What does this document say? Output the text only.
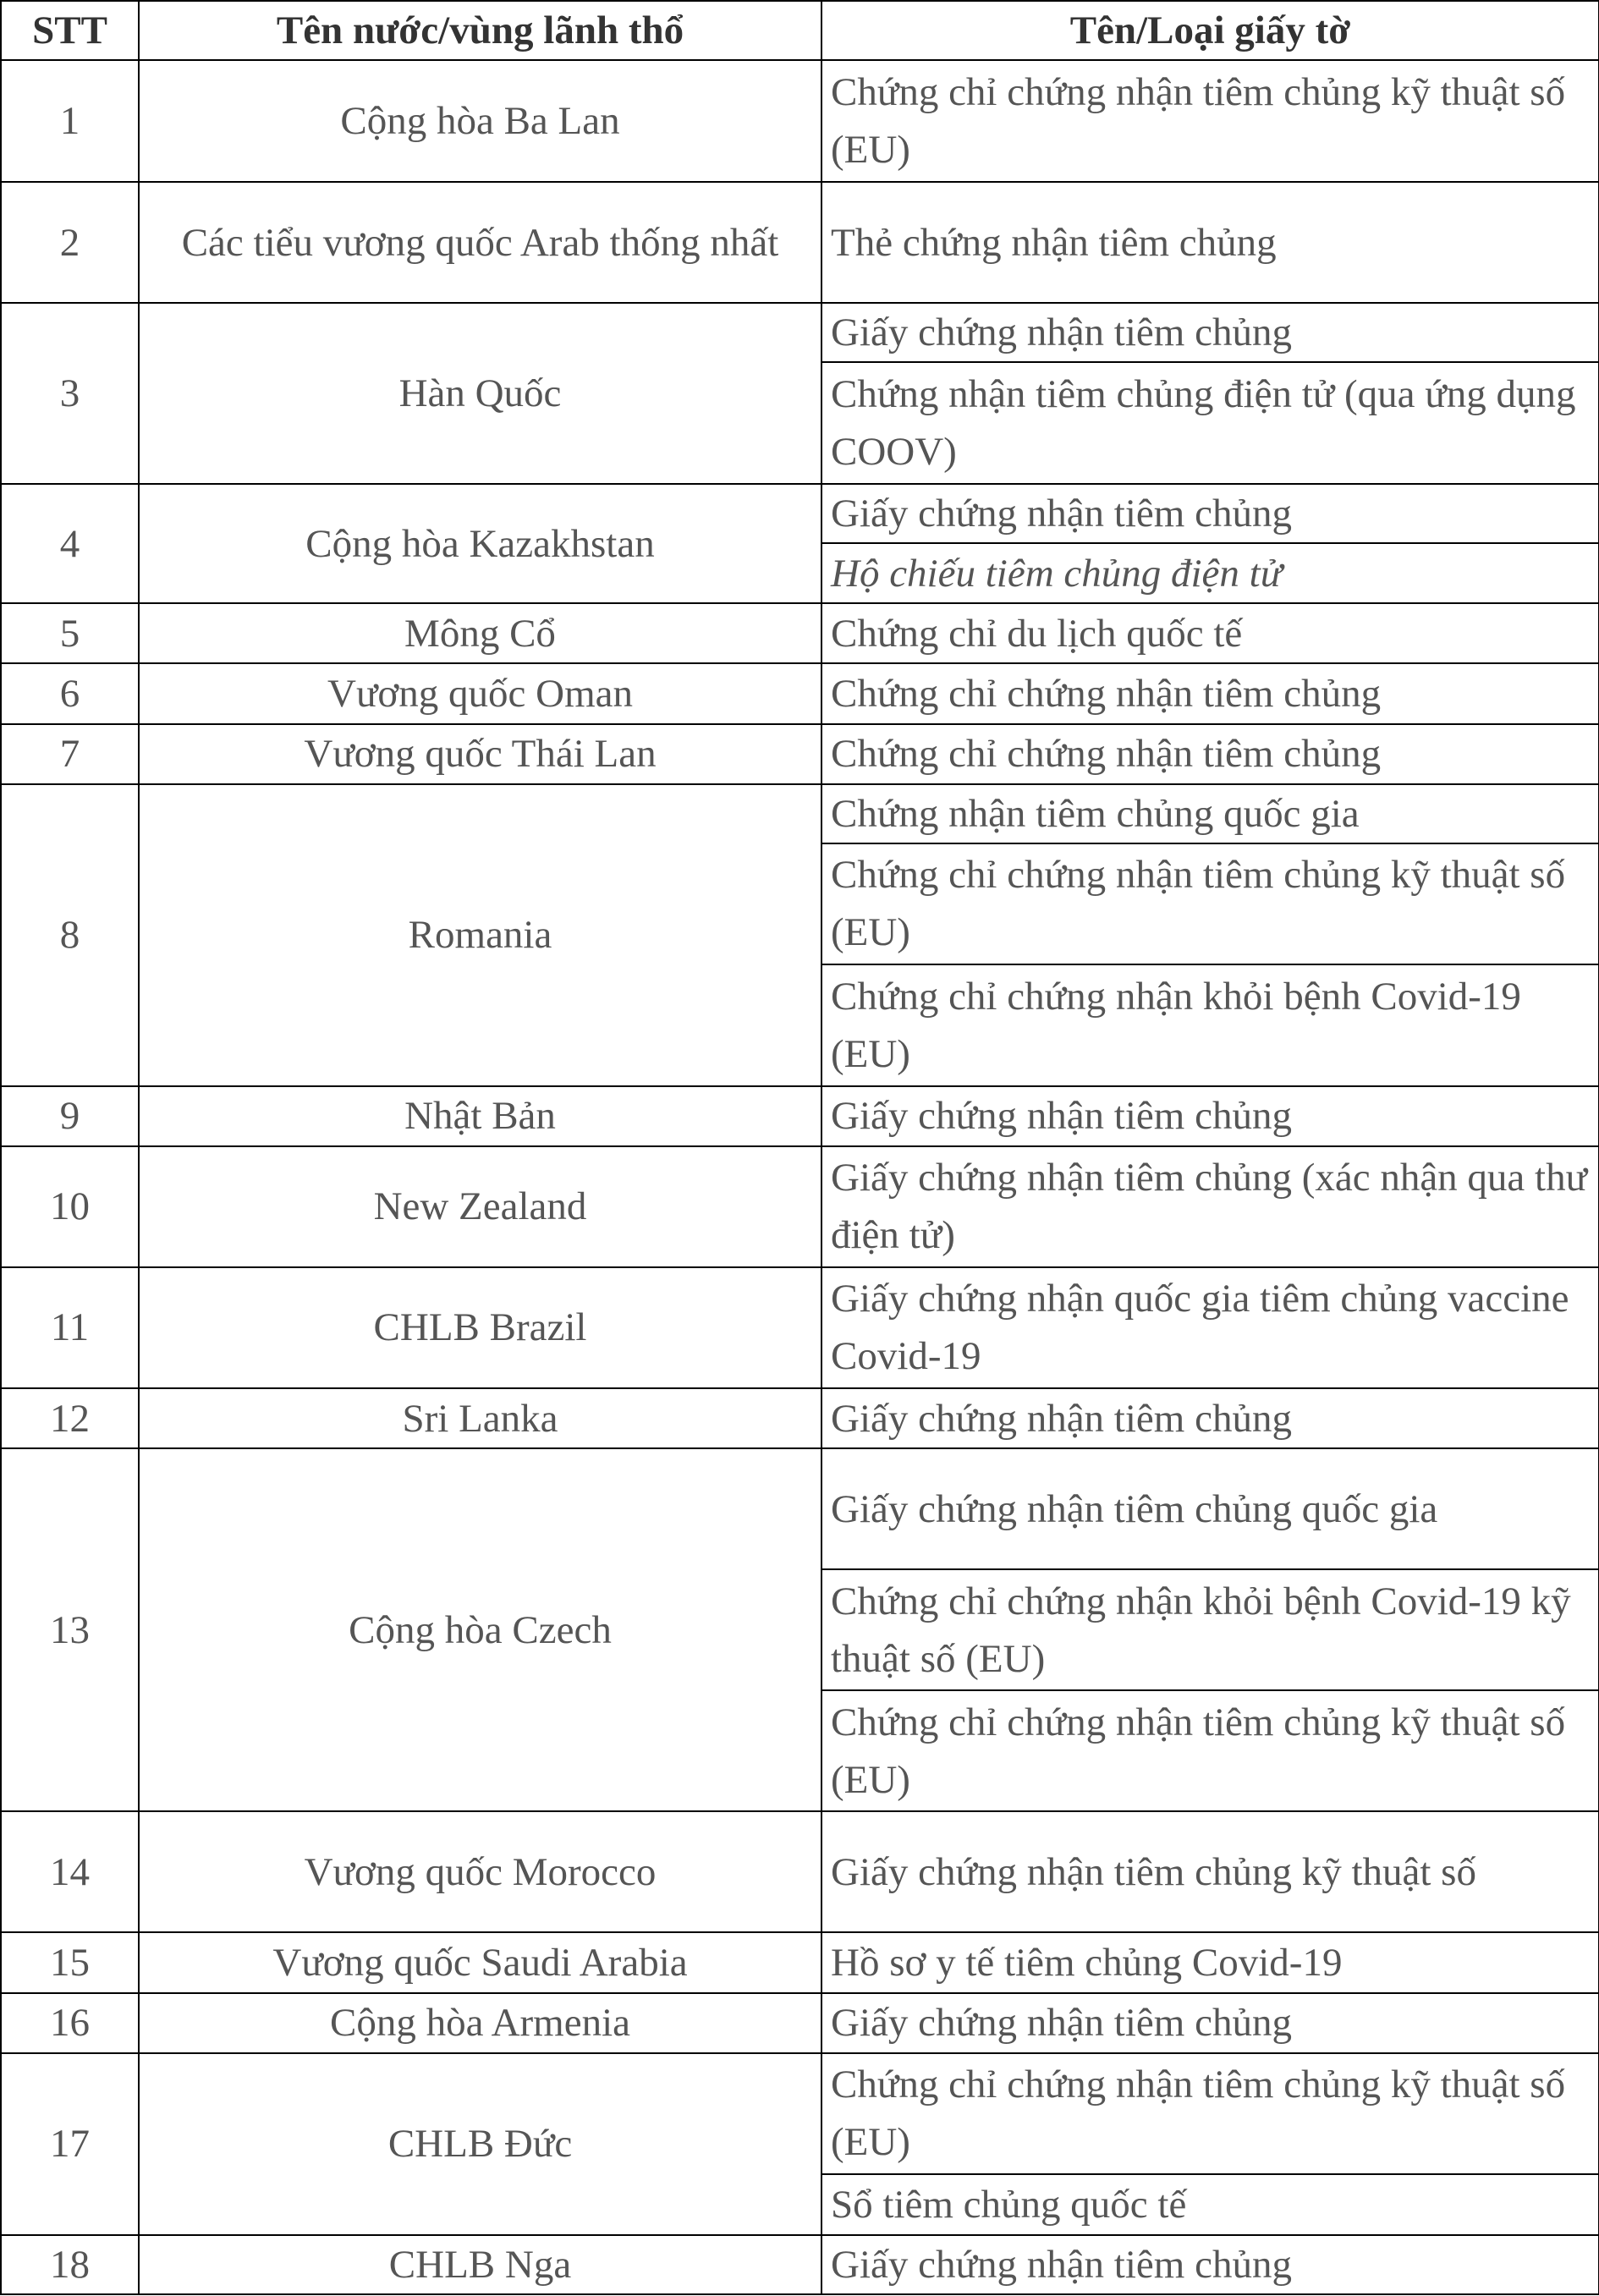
STT	Tên nước/vùng lãnh thổ	Tên/Loại giấy tờ
1	Cộng hòa Ba Lan	Chứng chỉ chứng nhận tiêm chủng kỹ thuật số (EU)
2	Các tiểu vương quốc Arab thống nhất	Thẻ chứng nhận tiêm chủng
3	Hàn Quốc	Giấy chứng nhận tiêm chủng
		Chứng nhận tiêm chủng điện tử (qua ứng dụng COOV)
4	Cộng hòa Kazakhstan	Giấy chứng nhận tiêm chủng
		Hộ chiếu tiêm chủng điện tử
5	Mông Cổ	Chứng chỉ du lịch quốc tế
6	Vương quốc Oman	Chứng chỉ chứng nhận tiêm chủng
7	Vương quốc Thái Lan	Chứng chỉ chứng nhận tiêm chủng
8	Romania	Chứng nhận tiêm chủng quốc gia
		Chứng chỉ chứng nhận tiêm chủng kỹ thuật số (EU)
		Chứng chỉ chứng nhận khỏi bệnh Covid-19 (EU)
9	Nhật Bản	Giấy chứng nhận tiêm chủng
10	New Zealand	Giấy chứng nhận tiêm chủng (xác nhận qua thư điện tử)
11	CHLB Brazil	Giấy chứng nhận quốc gia tiêm chủng vaccine Covid-19
12	Sri Lanka	Giấy chứng nhận tiêm chủng
13	Cộng hòa Czech	Giấy chứng nhận tiêm chủng quốc gia
		Chứng chỉ chứng nhận khỏi bệnh Covid-19 kỹ thuật số (EU)
		Chứng chỉ chứng nhận tiêm chủng kỹ thuật số (EU)
14	Vương quốc Morocco	Giấy chứng nhận tiêm chủng kỹ thuật số
15	Vương quốc Saudi Arabia	Hồ sơ y tế tiêm chủng Covid-19
16	Cộng hòa Armenia	Giấy chứng nhận tiêm chủng
17	CHLB Đức	Chứng chỉ chứng nhận tiêm chủng kỹ thuật số (EU)
		Sổ tiêm chủng quốc tế
18	CHLB Nga	Giấy chứng nhận tiêm chủng
